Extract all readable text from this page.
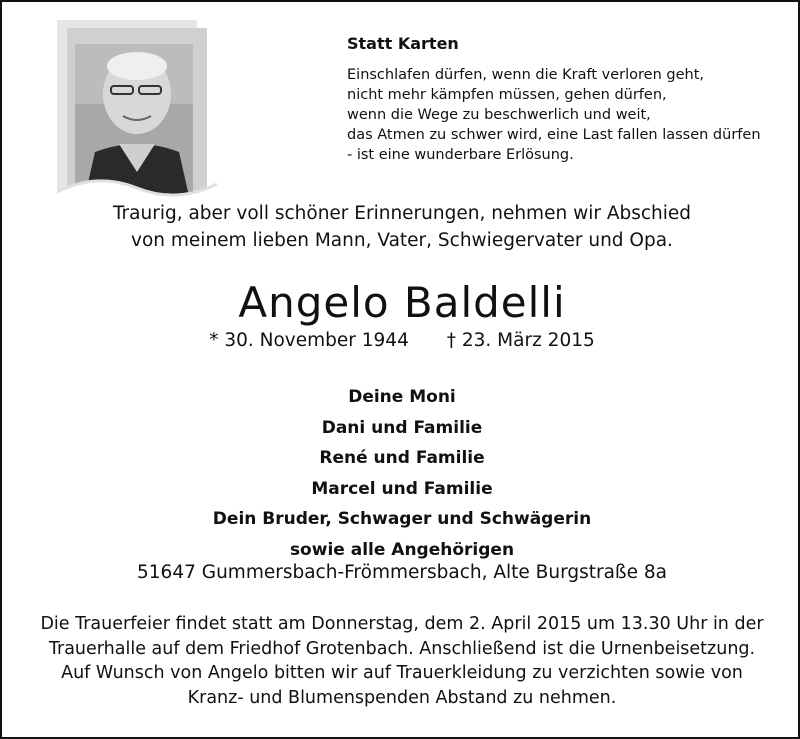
Statt Karten
Einschlafen dürfen, wenn die Kraft verloren geht,
nicht mehr kämpfen müssen, gehen dürfen,
wenn die Wege zu beschwerlich und weit,
das Atmen zu schwer wird, eine Last fallen lassen dürfen
- ist eine wunderbare Erlösung.
Traurig, aber voll schöner Erinnerungen, nehmen wir Abschied
von meinem lieben Mann, Vater, Schwiegervater und Opa.
Angelo Baldelli
* 30. November 1944 † 23. März 2015
Deine Moni
Dani und Familie
René und Familie
Marcel und Familie
Dein Bruder, Schwager und Schwägerin
sowie alle Angehörigen
51647 Gummersbach-Frömmersbach, Alte Burgstraße 8a
Die Trauerfeier findet statt am Donnerstag, dem 2. April 2015 um 13.30 Uhr in der
Trauerhalle auf dem Friedhof Grotenbach. Anschließend ist die Urnenbeisetzung.
Auf Wunsch von Angelo bitten wir auf Trauerkleidung zu verzichten sowie von
Kranz- und Blumenspenden Abstand zu nehmen.
